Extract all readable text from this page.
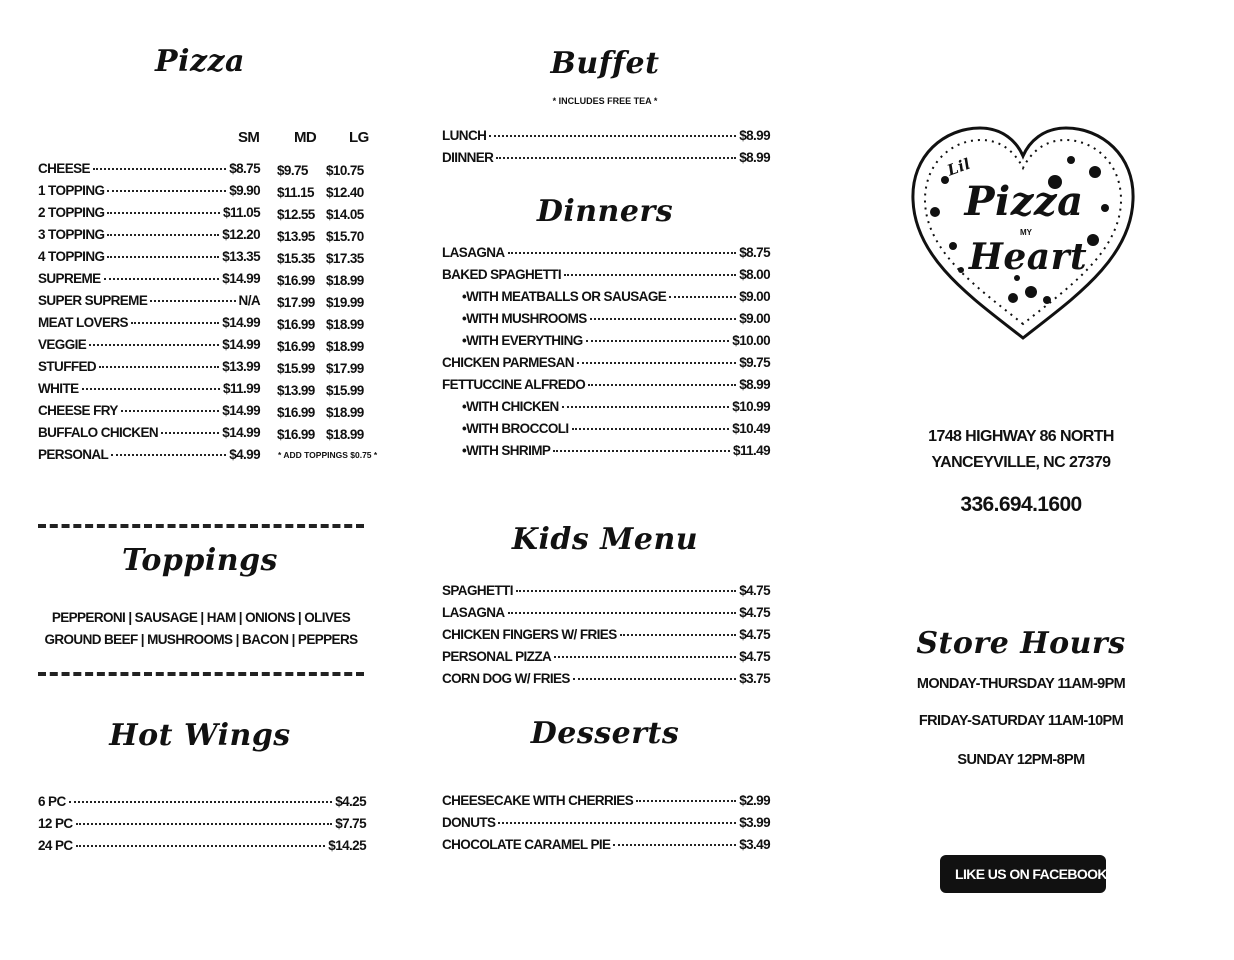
Pizza
SM MD LG
CHEESE	$8.75 $9.75 $10.75
1 TOPPING	$9.90 $11.15 $12.40
2 TOPPING	$11.05 $12.55 $14.05
3 TOPPING	$12.20 $13.95 $15.70
4 TOPPING	$13.35 $15.35 $17.35
SUPREME	$14.99 $16.99 $18.99
SUPER SUPREME	N/A $17.99 $19.99
MEAT LOVERS	$14.99 $16.99 $18.99
VEGGIE	$14.99 $16.99 $18.99
STUFFED	$13.99 $15.99 $17.99
WHITE	$11.99 $13.99 $15.99
CHEESE FRY	$14.99 $16.99 $18.99
BUFFALO CHICKEN	$14.99 $16.99 $18.99
PERSONAL	$4.99 * ADD TOPPINGS $0.75 *
Toppings
PEPPERONI | SAUSAGE | HAM | ONIONS | OLIVES
GROUND BEEF | MUSHROOMS | BACON | PEPPERS
Hot Wings
6 PC	$4.25
12 PC	$7.75
24 PC	$14.25
Buffet
* INCLUDES FREE TEA *
LUNCH	$8.99
DIINNER	$8.99
Dinners
LASAGNA	$8.75
BAKED SPAGHETTI	$8.00
•WITH MEATBALLS OR SAUSAGE	$9.00
•WITH MUSHROOMS	$9.00
•WITH EVERYTHING	$10.00
CHICKEN PARMESAN	$9.75
FETTUCCINE ALFREDO	$8.99
•WITH CHICKEN	$10.99
•WITH BROCCOLI	$10.49
•WITH SHRIMP	$11.49
Kids Menu
SPAGHETTI	$4.75
LASAGNA	$4.75
CHICKEN FINGERS W/ FRIES	$4.75
PERSONAL PIZZA	$4.75
CORN DOG W/ FRIES	$3.75
Desserts
CHEESECAKE WITH CHERRIES	$2.99
DONUTS	$3.99
CHOCOLATE CARAMEL PIE	$3.49
Lil
Pizza
MY
Heart
1748 HIGHWAY 86 NORTH
YANCEYVILLE, NC 27379
336.694.1600
Store Hours
MONDAY-THURSDAY 11AM-9PM
FRIDAY-SATURDAY 11AM-10PM
SUNDAY 12PM-8PM
LIKE US ON FACEBOOK
